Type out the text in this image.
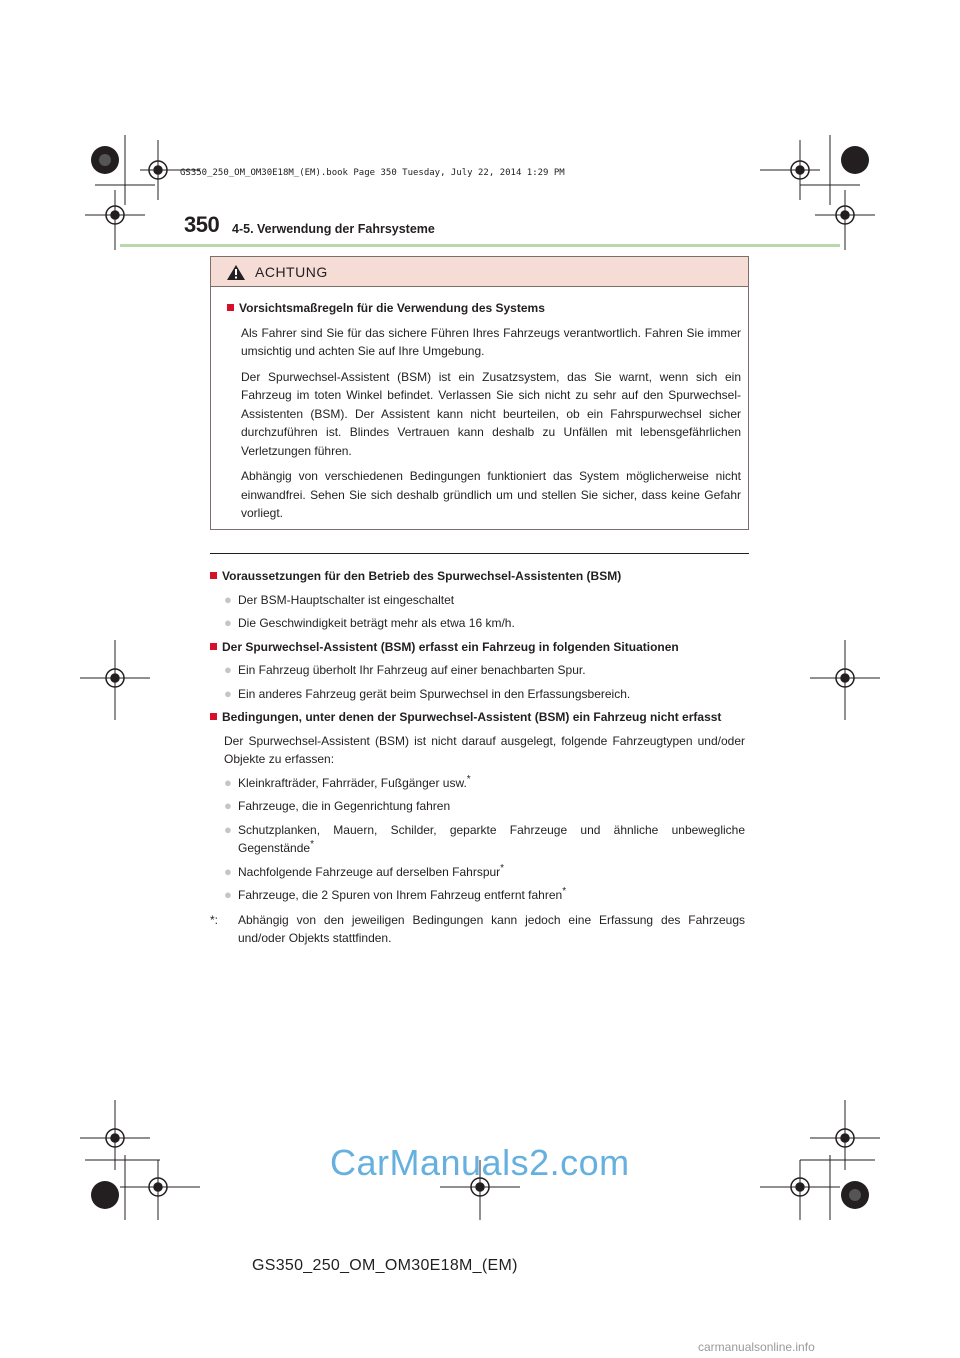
GS350_250_OM_OM30E18M_(EM).book Page 350 Tuesday, July 22, 2014 1:29 PM
350 4-5. Verwendung der Fahrsysteme
ACHTUNG
Vorsichtsmaßregeln für die Verwendung des Systems
Als Fahrer sind Sie für das sichere Führen Ihres Fahrzeugs verantwortlich. Fahren Sie immer umsichtig und achten Sie auf Ihre Umgebung.
Der Spurwechsel-Assistent (BSM) ist ein Zusatzsystem, das Sie warnt, wenn sich ein Fahrzeug im toten Winkel befindet. Verlassen Sie sich nicht zu sehr auf den Spurwechsel-Assistenten (BSM). Der Assistent kann nicht beurteilen, ob ein Fahrspurwechsel sicher durchzuführen ist. Blindes Vertrauen kann deshalb zu Unfällen mit lebensgefährlichen Verletzungen führen.
Abhängig von verschiedenen Bedingungen funktioniert das System möglicherweise nicht einwandfrei. Sehen Sie sich deshalb gründlich um und stellen Sie sicher, dass keine Gefahr vorliegt.
Voraussetzungen für den Betrieb des Spurwechsel-Assistenten (BSM)
● Der BSM-Hauptschalter ist eingeschaltet
● Die Geschwindigkeit beträgt mehr als etwa 16 km/h.
Der Spurwechsel-Assistent (BSM) erfasst ein Fahrzeug in folgenden Situationen
● Ein Fahrzeug überholt Ihr Fahrzeug auf einer benachbarten Spur.
● Ein anderes Fahrzeug gerät beim Spurwechsel in den Erfassungsbereich.
Bedingungen, unter denen der Spurwechsel-Assistent (BSM) ein Fahrzeug nicht erfasst
Der Spurwechsel-Assistent (BSM) ist nicht darauf ausgelegt, folgende Fahrzeugtypen und/oder Objekte zu erfassen:
● Kleinkrafträder, Fahrräder, Fußgänger usw.*
● Fahrzeuge, die in Gegenrichtung fahren
● Schutzplanken, Mauern, Schilder, geparkte Fahrzeuge und ähnliche unbewegliche Gegenstände*
● Nachfolgende Fahrzeuge auf derselben Fahrspur*
● Fahrzeuge, die 2 Spuren von Ihrem Fahrzeug entfernt fahren*
*: Abhängig von den jeweiligen Bedingungen kann jedoch eine Erfassung des Fahrzeugs und/oder Objekts stattfinden.
CarManuals2.com
GS350_250_OM_OM30E18M_(EM)
carmanualsonline.info
